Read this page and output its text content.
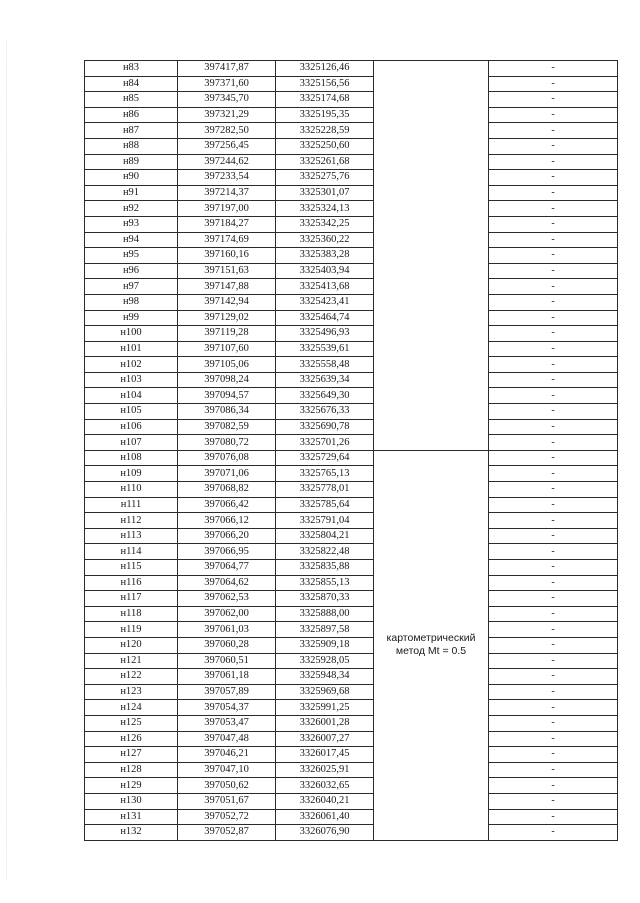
н83	397417,87	3325126,46		-
н84	397371,60	3325156,56		-
н85	397345,70	3325174,68		-
н86	397321,29	3325195,35		-
н87	397282,50	3325228,59		-
н88	397256,45	3325250,60		-
н89	397244,62	3325261,68		-
н90	397233,54	3325275,76		-
н91	397214,37	3325301,07		-
н92	397197,00	3325324,13		-
н93	397184,27	3325342,25		-
н94	397174,69	3325360,22		-
н95	397160,16	3325383,28		-
н96	397151,63	3325403,94		-
н97	397147,88	3325413,68		-
н98	397142,94	3325423,41		-
н99	397129,02	3325464,74		-
н100	397119,28	3325496,93		-
н101	397107,60	3325539,61		-
н102	397105,06	3325558,48		-
н103	397098,24	3325639,34		-
н104	397094,57	3325649,30		-
н105	397086,34	3325676,33		-
н106	397082,59	3325690,78		-
н107	397080,72	3325701,26		-
н108	397076,08	3325729,64	картометрический метод Mt = 0.5	-
н109	397071,06	3325765,13		-
н110	397068,82	3325778,01		-
н111	397066,42	3325785,64		-
н112	397066,12	3325791,04		-
н113	397066,20	3325804,21		-
н114	397066,95	3325822,48		-
н115	397064,77	3325835,88		-
н116	397064,62	3325855,13		-
н117	397062,53	3325870,33		-
н118	397062,00	3325888,00		-
н119	397061,03	3325897,58		-
н120	397060,28	3325909,18		-
н121	397060,51	3325928,05		-
н122	397061,18	3325948,34		-
н123	397057,89	3325969,68		-
н124	397054,37	3325991,25		-
н125	397053,47	3326001,28		-
н126	397047,48	3326007,27		-
н127	397046,21	3326017,45		-
н128	397047,10	3326025,91		-
н129	397050,62	3326032,65		-
н130	397051,67	3326040,21		-
н131	397052,72	3326061,40		-
н132	397052,87	3326076,90		-
